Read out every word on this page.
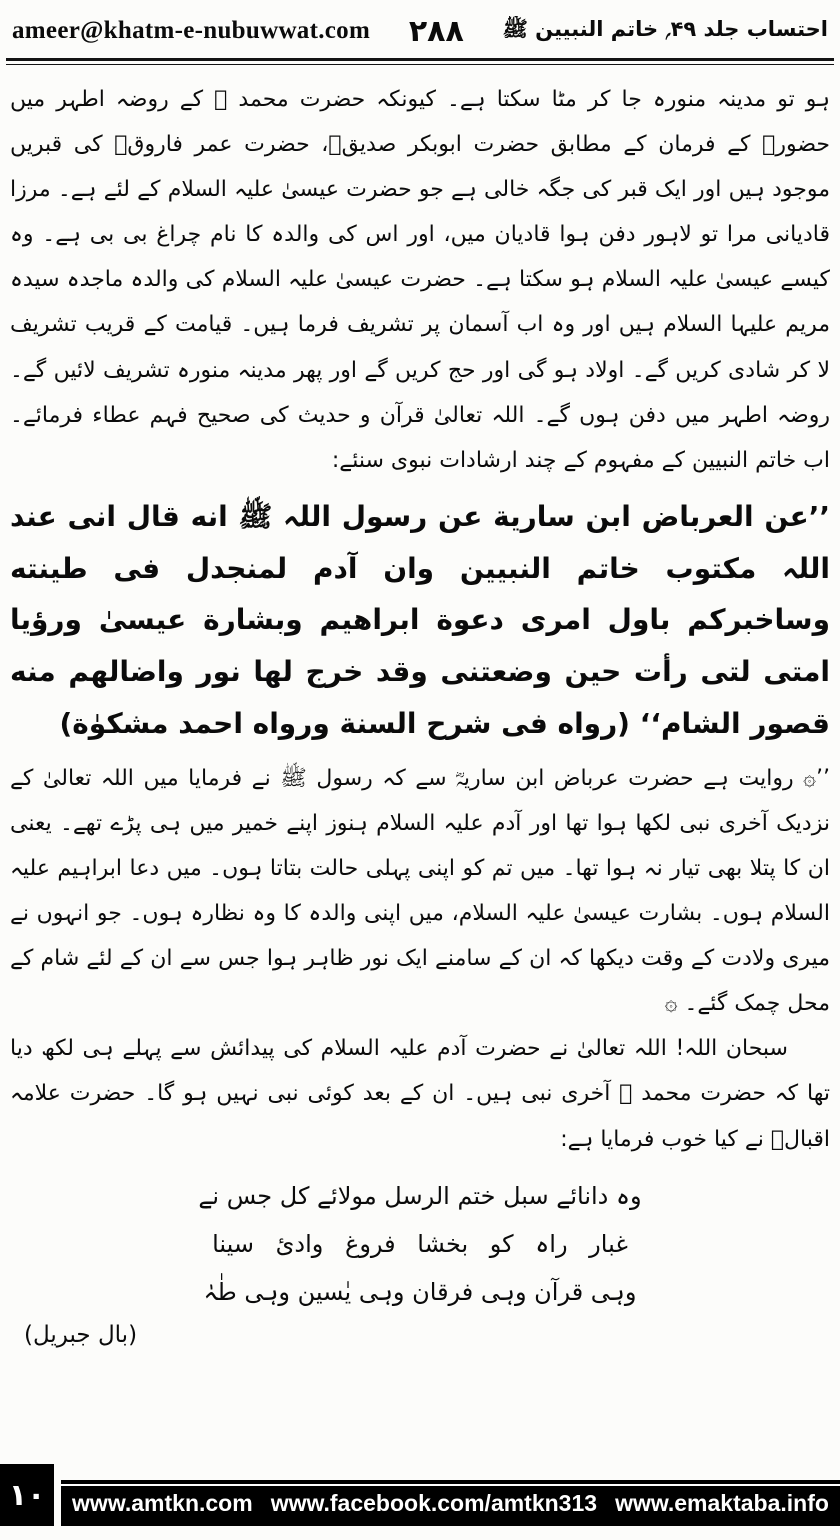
ameer@khatm-e-nubuwwat.com	۲۸۸	احتساب جلد ۴۹؍ خاتم النبیین ﷺ

ہو تو مدینہ منورہ جا کر مٹا سکتا ہے۔ کیونکہ حضرت محمد ﷺ کے روضہ اطہر میں حضورؐ کے فرمان کے مطابق حضرت ابوبکر صدیقؓ، حضرت عمر فاروقؓ کی قبریں موجود ہیں اور ایک قبر کی جگہ خالی ہے جو حضرت عیسیٰ علیہ السلام کے لئے ہے۔ مرزا قادیانی مرا تو لاہور دفن ہوا قادیان میں، اور اس کی والدہ کا نام چراغ بی بی ہے۔ وہ کیسے عیسیٰ علیہ السلام ہو سکتا ہے۔ حضرت عیسیٰ علیہ السلام کی والدہ ماجدہ سیدہ مریم علیہا السلام ہیں اور وہ اب آسمان پر تشریف فرما ہیں۔ قیامت کے قریب تشریف لا کر شادی کریں گے۔ اولاد ہو گی اور حج کریں گے اور پھر مدینہ منورہ تشریف لائیں گے۔ روضہ اطہر میں دفن ہوں گے۔ اللہ تعالیٰ قرآن و حدیث کی صحیح فہم عطاء فرمائے۔ اب خاتم النبیین کے مفہوم کے چند ارشادات نبوی سنئے:

’’عن العرباض ابن ساریة عن رسول اللہ ﷺ انه قال انی عند اللہ مکتوب خاتم النبیین وان آدم لمنجدل فی طینته وساخبرکم باول امری دعوة ابراهیم وبشارة عیسیٰ ورؤیا امتی لتی رأت حین وضعتنی وقد خرج لها نور واضالهم منه قصور الشام‘‘ (رواه فی شرح السنة ورواه احمد مشکوٰة)

’’۞ روایت ہے حضرت عرباض ابن ساریہؓ سے کہ رسول ﷺ نے فرمایا میں اللہ تعالیٰ کے نزدیک آخری نبی لکھا ہوا تھا اور آدم علیہ السلام ہنوز اپنے خمیر میں ہی پڑے تھے۔ یعنی ان کا پتلا بھی تیار نہ ہوا تھا۔ میں تم کو اپنی پہلی حالت بتاتا ہوں۔ میں دعا ابراہیم علیہ السلام ہوں۔ بشارت عیسیٰ علیہ السلام، میں اپنی والدہ کا وہ نظارہ ہوں۔ جو انہوں نے میری ولادت کے وقت دیکھا کہ ان کے سامنے ایک نور ظاہر ہوا جس سے ان کے لئے شام کے محل چمک گئے۔ ۞

سبحان اللہ! اللہ تعالیٰ نے حضرت آدم علیہ السلام کی پیدائش سے پہلے ہی لکھ دیا تھا کہ حضرت محمد ﷺ آخری نبی ہیں۔ ان کے بعد کوئی نبی نہیں ہو گا۔ حضرت علامہ اقبالؒ نے کیا خوب فرمایا ہے:

وہ دانائے سبل ختم الرسل مولائے کل جس نے
غبار راہ کو بخشا فروغ وادیٔ سینا
وہی قرآن وہی فرقان وہی یٰسین وہی طٰہٰ
(بال جبریل)
۱۰	www.amtkn.com www.facebook.com/amtkn313 www.emaktaba.info
